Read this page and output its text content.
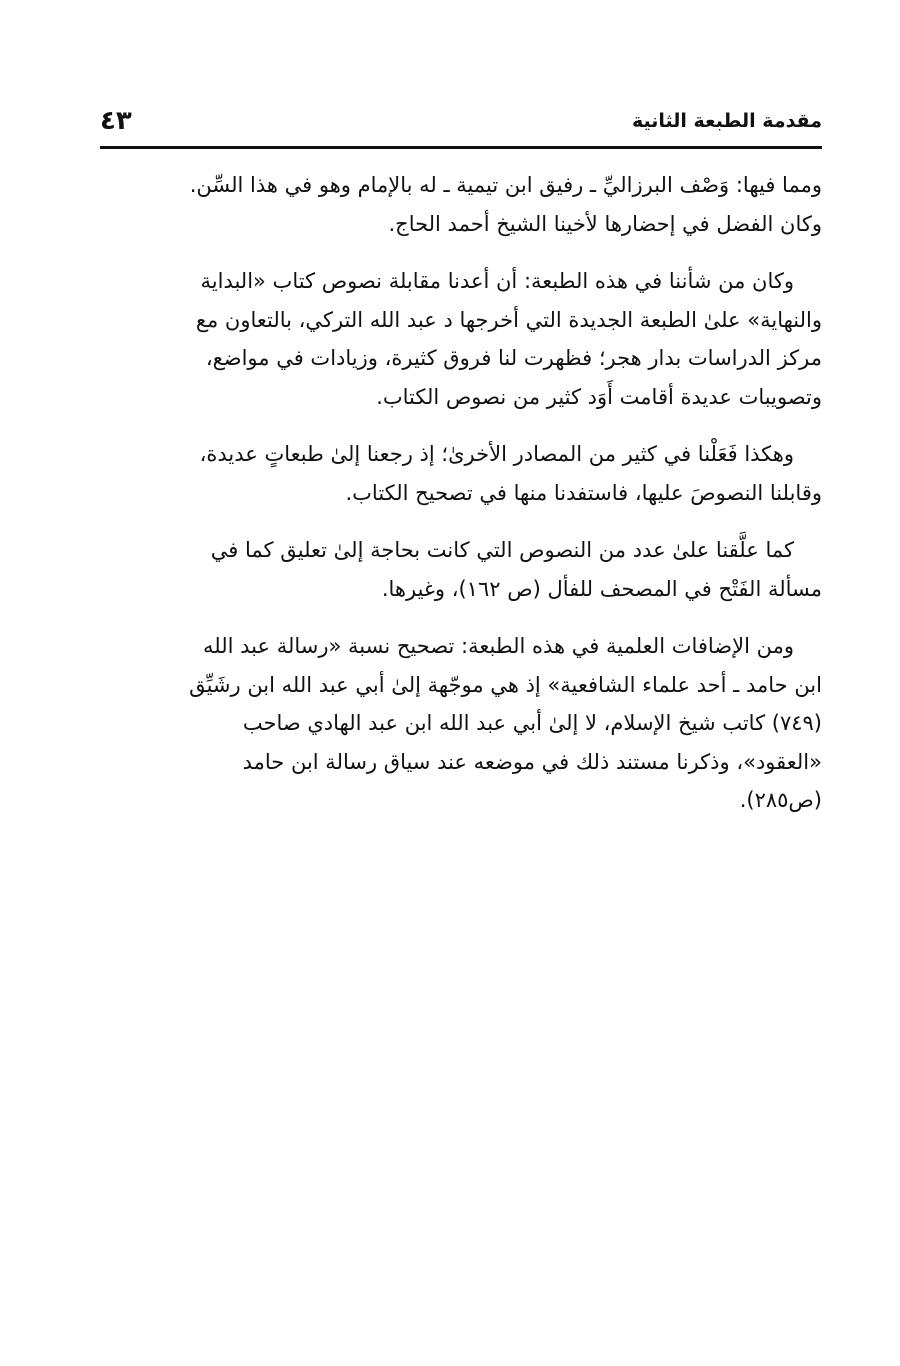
مقدمة الطبعة الثانية
٤٣

ومما فيها: وَصْف البرزاليِّ ـ رفيق ابن تيمية ـ له بالإمام وهو في هذا السِّن.
وكان الفضل في إحضارها لأخينا الشيخ أحمد الحاج.

وكان من شأننا في هذه الطبعة: أن أعدنا مقابلة نصوص كتاب «البداية
والنهاية» علىٰ الطبعة الجديدة التي أخرجها د عبد الله التركي، بالتعاون مع
مركز الدراسات بدار هجر؛ فظهرت لنا فروق كثيرة، وزيادات في مواضع،
وتصويبات عديدة أقامت أَوَد كثير من نصوص الكتاب.

وهكذا فَعَلْنا في كثير من المصادر الأخرىٰ؛ إذ رجعنا إلىٰ طبعاتٍ عديدة،
وقابلنا النصوصَ عليها، فاستفدنا منها في تصحيح الكتاب.

كما علَّقنا علىٰ عدد من النصوص التي كانت بحاجة إلىٰ تعليق كما في
مسألة الفَتْح في المصحف للفأل (ص ١٦٢)، وغيرها.

ومن الإضافات العلمية في هذه الطبعة: تصحيح نسبة «رسالة عبد الله
ابن حامد ـ أحد علماء الشافعية» إذ هي موجّهة إلىٰ أبي عبد الله ابن رشَيِّق
(٧٤٩) كاتب شيخ الإسلام، لا إلىٰ أبي عبد الله ابن عبد الهادي صاحب
«العقود»، وذكرنا مستند ذلك في موضعه عند سياق رسالة ابن حامد
(ص٢٨٥).
